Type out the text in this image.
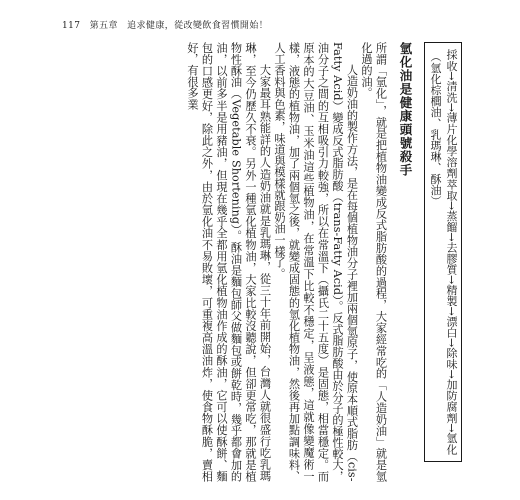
117 第五章 追求健康，從改變飲食習慣開始！
採收→清洗→薄片化學溶劑萃取→蒸餾→去膠質→精製→漂白→除味→加防腐劑→氫化
（氫化棕櫚油、乳瑪琳、酥油）
氫化油是健康頭號殺手

所謂「氫化」，就是把植物油變成反式脂肪酸的過程，大家經常吃的「人造奶油」就是氫化過的油。

人造奶油的製作方法，是在每個植物油分子裡加兩個氫原子，使原本順式脂肪（cis-Fatty Acid）變成反式脂肪酸（trans-Fatty Acid）。反式脂肪酸由於分子的極性較大，油分子之間的互相吸引力較強，所以在常溫下（攝氏二十五度）是固態，相當穩定。而原本的大豆油、玉米油這些植物油，在常溫下比較不穩定，呈液態，這就像變魔術一樣，液態的植物油，加了兩個氫之後，就變成固態的氫化植物油，然後再加點調味料、人工香料與色素，味道與模樣就跟奶油一樣了。

大家最耳熟能詳的人造奶油就是乳瑪琳，從三十年前開始，台灣人就很盛行吃乳瑪琳，至今仍歷久不衰。另外一種氫化植物油，大家比較沒聽說，但卻更常吃，那就是植物性酥油（Vegetable Shortening）。酥油是麵包師父做麵包或餅乾時，幾乎都會加的油，以前多半是用豬油，但現在幾乎全都用氫化植物油作成的酥油，它可以使酥餅、麵包的口感更好，除此之外，由於氫化油不易敗壞，可重複高溫油炸，使食物酥脆，賣相好，有很多業
